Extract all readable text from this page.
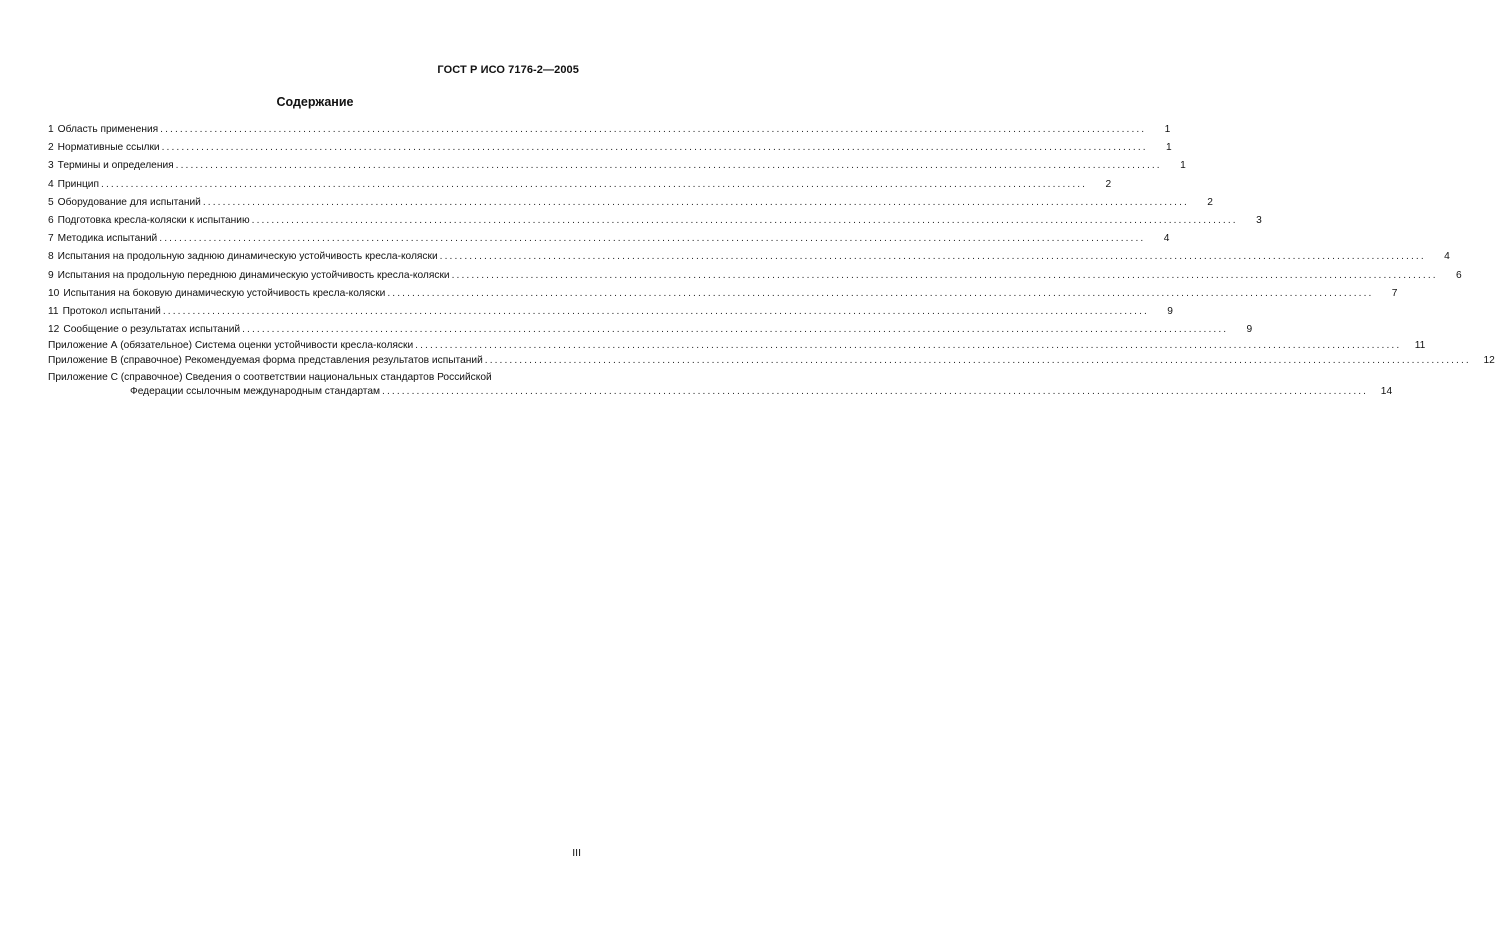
ГОСТ Р ИСО 7176-2—2005
Содержание
1 Область применения ........................................................................................................................................................................................................	1
2 Нормативные ссылки ........................................................................................................................................................................................................	1
3 Термины и определения ........................................................................................................................................................................................................	1
4 Принцип ........................................................................................................................................................................................................	2
5 Оборудование для испытаний ........................................................................................................................................................................................................	2
6 Подготовка кресла-коляски к испытанию ........................................................................................................................................................................................................	3
7 Методика испытаний ........................................................................................................................................................................................................	4
8 Испытания на продольную заднюю динамическую устойчивость кресла-коляски ........................................................................................................................................................................................................	4
9 Испытания на продольную переднюю динамическую устойчивость кресла-коляски ........................................................................................................................................................................................................	6
10 Испытания на боковую динамическую устойчивость кресла-коляски ........................................................................................................................................................................................................	7
11 Протокол испытаний ........................................................................................................................................................................................................	9
12 Сообщение о результатах испытаний ........................................................................................................................................................................................................	9
Приложение А (обязательное) Система оценки устойчивости кресла-коляски ........................................................................................................................................................................................................	11
Приложение В (справочное) Рекомендуемая форма представления результатов испытаний ........................................................................................................................................................................................................	12
Приложение С (справочное) Сведения о соответствии национальных стандартов Российской
Федерации ссылочным международным стандартам ........................................................................................................................................................................................................	14
III
